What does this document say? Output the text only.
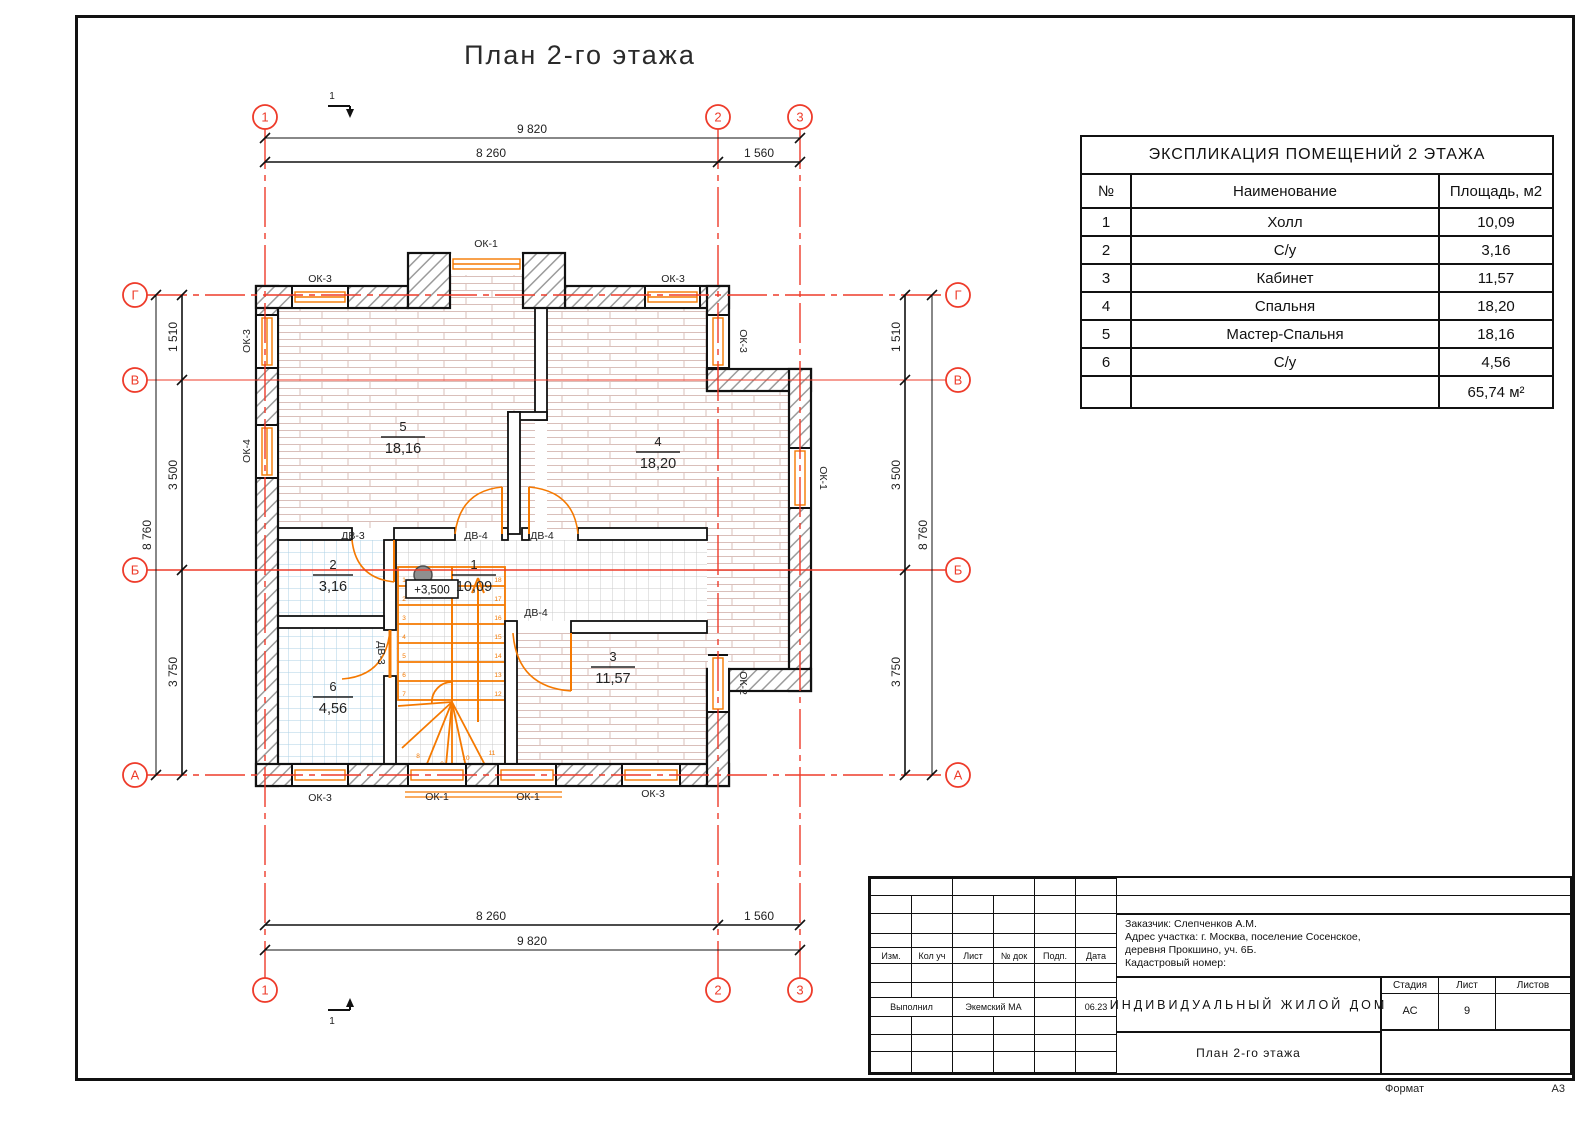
План 2-го этажа
1
2
3
4
5
6
7
8	10
11
12
13
14
15
16
17
18
+3,500
5
18,16	4
18,20
2
3,16
1
10,09
3
11,57
6
4,56
ОК-3	ОК-3
ОК-1
ОК-3
ОК-4
ОК-3
ОК-1
ОК-2
ОК-3	ОК-1	ОК-1	ОК-3
ДВ-3	ДВ-4	ДВ-4
ДВ-4
ДВ-3
1	2	3
1	2	3
Г
В
Б
А
Г
В
Б
А
9 820
8 260	1 560
8 260	1 560
9 820
1 510
3 500
3 750
8 760
1 510
3 500
3 750
8 760
1
1
ЭКСПЛИКАЦИЯ ПОМЕЩЕНИЙ 2 ЭТАЖА		
№	Наименование	Площадь, м2
1	Холл	10,09
2	С/у	3,16
3	Кабинет	11,57
4	Спальня	18,20
5	Мастер-Спальня	18,16
6	С/у	4,56
		65,74 м²

Изм.	Кол уч	Лист	№ док	Подп.	Дата

Выполнил		Экемский МА			06.23

Заказчик: Слепченков А.М.
Адрес участка: г. Москва, поселение Сосенское,
деревня Прокшино, уч. 6Б.
Кадастровый номер:
ИНДИВИДУАЛЬНЫЙ ЖИЛОЙ ДОМ
План 2-го этажа
Стадия	Лист	Листов
АС	9
Формат	А3
